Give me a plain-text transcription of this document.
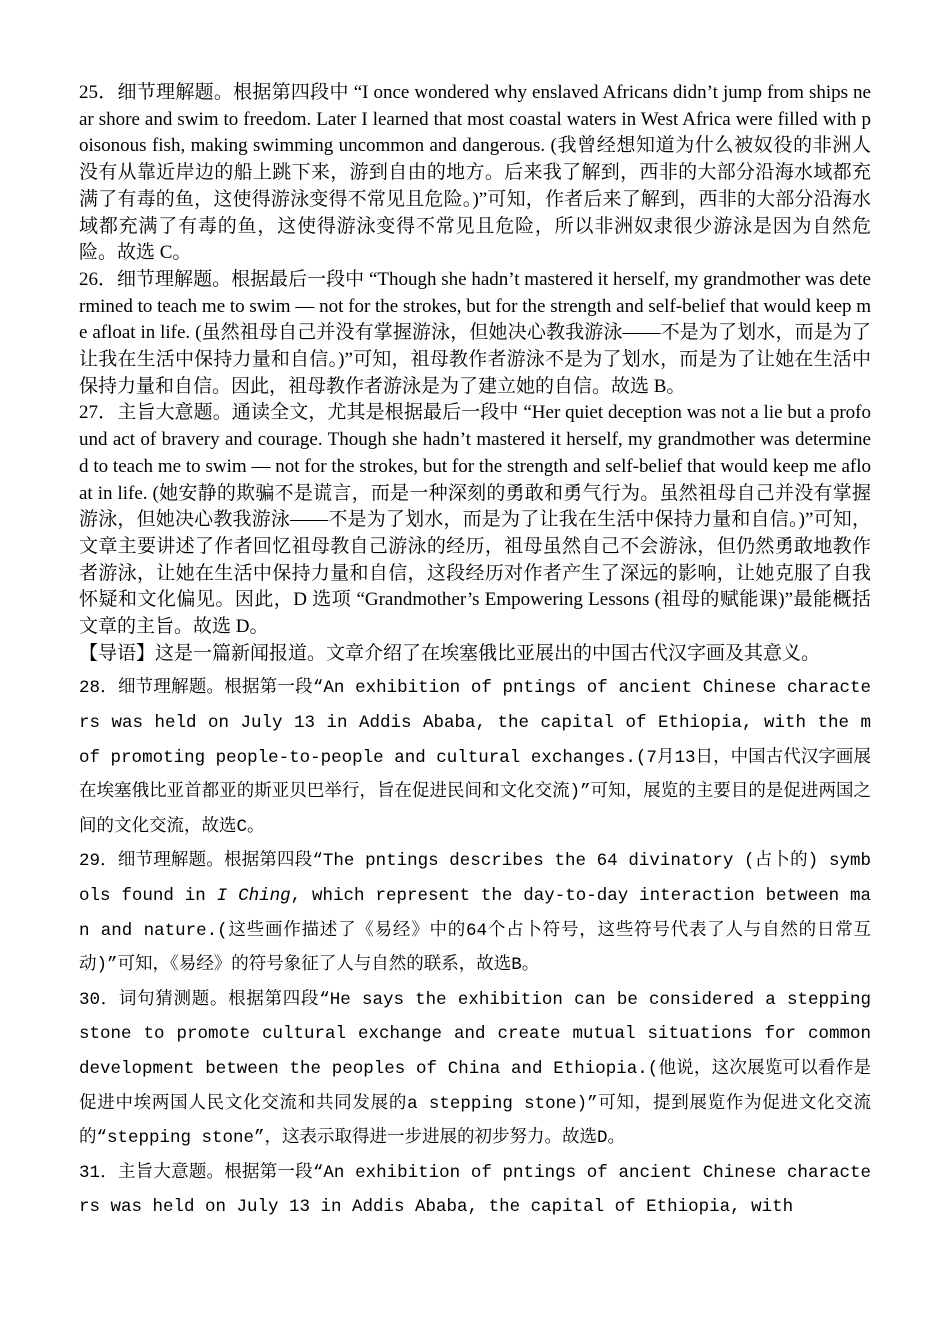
25．细节理解题。根据第四段中 “I once wondered why enslaved Africans didn’t jump from ships near shore and swim to freedom. Later I learned that most coastal waters in West Africa were filled with poisonous fish, making swimming uncommon and dangerous. (我曾经想知道为什么被奴役的非洲人没有从靠近岸边的船上跳下来，游到自由的地方。后来我了解到，西非的大部分沿海水域都充满了有毒的鱼，这使得游泳变得不常见且危险。)”可知，作者后来了解到，西非的大部分沿海水域都充满了有毒的鱼，这使得游泳变得不常见且危险，所以非洲奴隶很少游泳是因为自然危险。故选 C。

26．细节理解题。根据最后一段中 “Though she hadn’t mastered it herself, my grandmother was determined to teach me to swim — not for the strokes, but for the strength and self-belief that would keep me afloat in life. (虽然祖母自己并没有掌握游泳，但她决心教我游泳——不是为了划水，而是为了让我在生活中保持力量和自信。)”可知，祖母教作者游泳不是为了划水，而是为了让她在生活中保持力量和自信。因此，祖母教作者游泳是为了建立她的自信。故选 B。

27．主旨大意题。通读全文，尤其是根据最后一段中 “Her quiet deception was not a lie but a profound act of bravery and courage. Though she hadn’t mastered it herself, my grandmother was determined to teach me to swim — not for the strokes, but for the strength and self-belief that would keep me afloat in life. (她安静的欺骗不是谎言，而是一种深刻的勇敢和勇气行为。虽然祖母自己并没有掌握游泳，但她决心教我游泳——不是为了划水，而是为了让我在生活中保持力量和自信。)”可知，文章主要讲述了作者回忆祖母教自己游泳的经历，祖母虽然自己不会游泳，但仍然勇敢地教作者游泳，让她在生活中保持力量和自信，这段经历对作者产生了深远的影响，让她克服了自我怀疑和文化偏见。因此，D 选项 “Grandmother’s Empowering Lessons (祖母的赋能课)”最能概括文章的主旨。故选 D。

【导语】这是一篇新闻报道。文章介绍了在埃塞俄比亚展出的中国古代汉字画及其意义。

28．细节理解题。根据第一段“An exhibition of pntings of ancient Chinese characters was held on July 13 in Addis Ababa, the capital of Ethiopia, with the m of promoting people-to-people and cultural exchanges.(7月13日，中国古代汉字画展在埃塞俄比亚首都亚的斯亚贝巴举行，旨在促进民间和文化交流)”可知，展览的主要目的是促进两国之间的文化交流，故选C。

29．细节理解题。根据第四段“The pntings describes the 64 divinatory (占卜的) symbols found in I Ching, which represent the day-to-day interaction between man and nature.(这些画作描述了《易经》中的64个占卜符号，这些符号代表了人与自然的日常互动)”可知，《易经》的符号象征了人与自然的联系，故选B。

30．词句猜测题。根据第四段“He says the exhibition can be considered a stepping stone to promote cultural exchange and create mutual situations for common development between the peoples of China and Ethiopia.(他说，这次展览可以看作是促进中埃两国人民文化交流和共同发展的a stepping stone)”可知，提到展览作为促进文化交流的“stepping stone”，这表示取得进一步进展的初步努力。故选D。

31．主旨大意题。根据第一段“An exhibition of pntings of ancient Chinese characters was held on July 13 in Addis Ababa, the capital of Ethiopia, with
